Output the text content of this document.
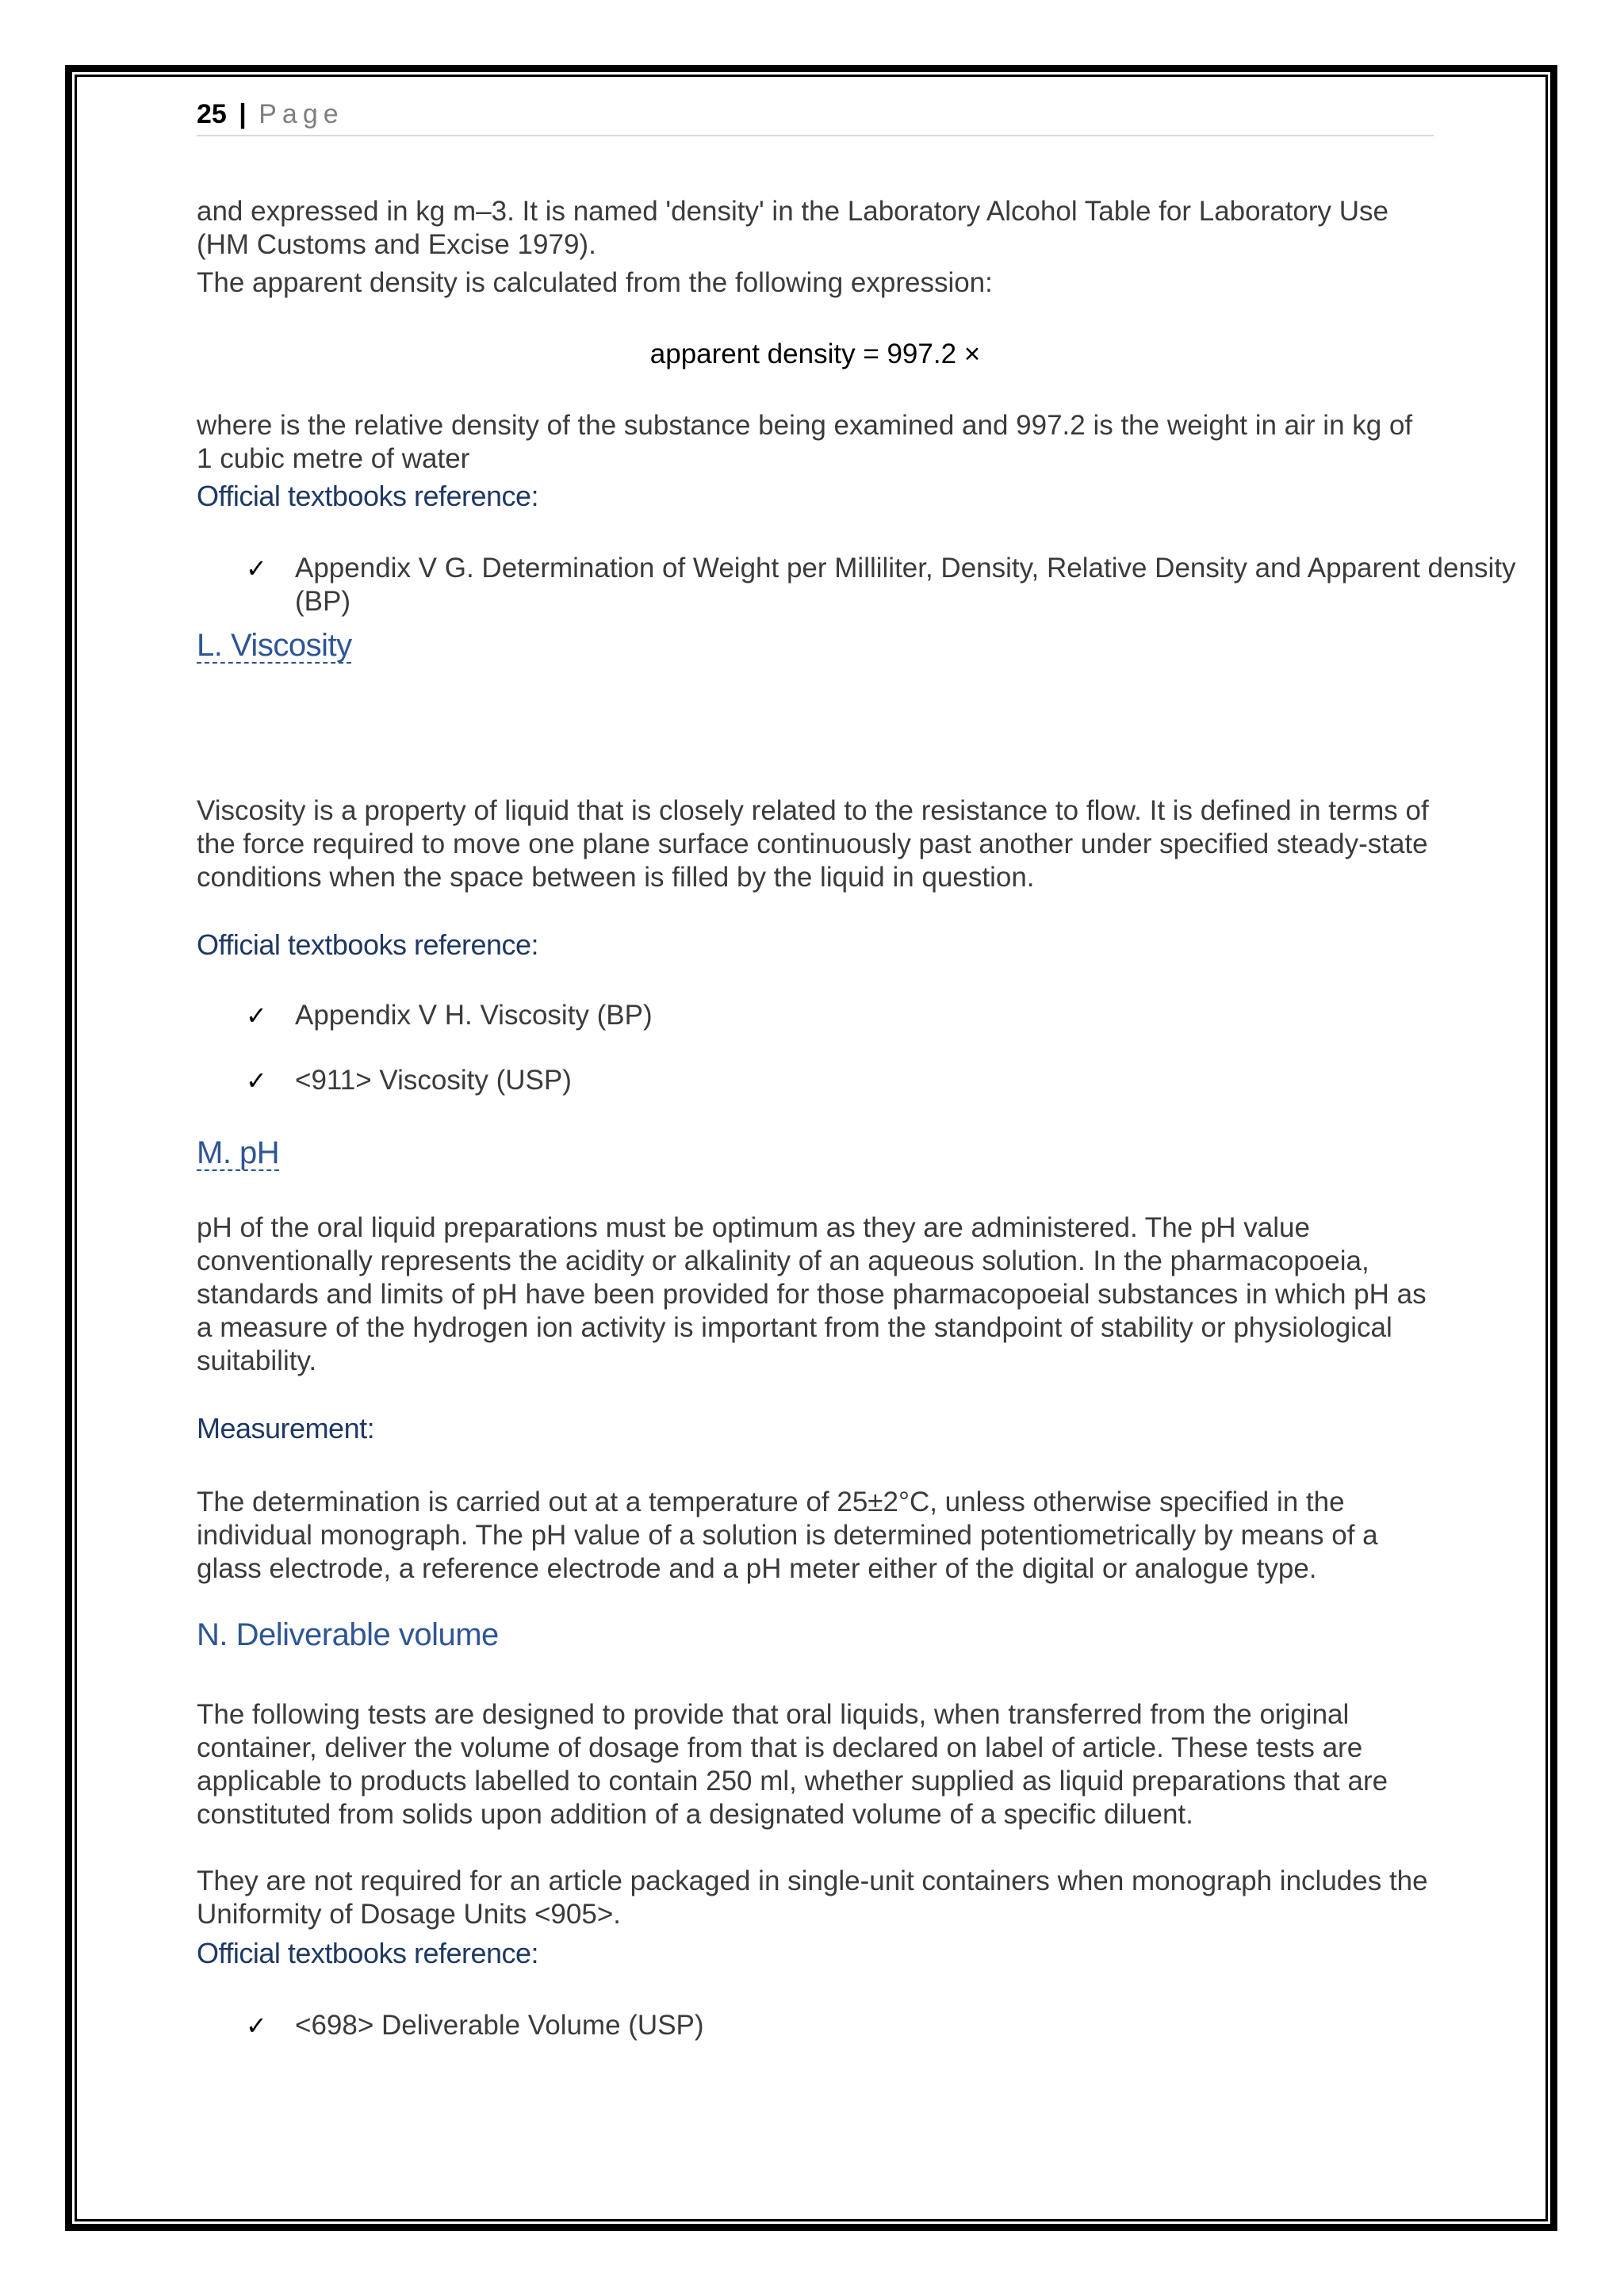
25 | Page

and expressed in kg m–3. It is named 'density' in the Laboratory Alcohol Table for Laboratory Use (HM Customs and Excise 1979).

The apparent density is calculated from the following expression:

apparent density = 997.2 ×

where is the relative density of the substance being examined and 997.2 is the weight in air in kg of 1 cubic metre of water

Official textbooks reference:
✓ Appendix V G. Determination of Weight per Milliliter, Density, Relative Density and Apparent density (BP)
L. Viscosity

Viscosity is a property of liquid that is closely related to the resistance to flow. It is defined in terms of the force required to move one plane surface continuously past another under specified steady-state conditions when the space between is filled by the liquid in question.

Official textbooks reference:
✓ Appendix V H. Viscosity (BP)
✓ <911> Viscosity (USP)
M. pH

pH of the oral liquid preparations must be optimum as they are administered. The pH value conventionally represents the acidity or alkalinity of an aqueous solution. In the pharmacopoeia, standards and limits of pH have been provided for those pharmacopoeial substances in which pH as a measure of the hydrogen ion activity is important from the standpoint of stability or physiological suitability.

Measurement:

The determination is carried out at a temperature of 25±2°C, unless otherwise specified in the individual monograph. The pH value of a solution is determined potentiometrically by means of a glass electrode, a reference electrode and a pH meter either of the digital or analogue type.

N. Deliverable volume

The following tests are designed to provide that oral liquids, when transferred from the original container, deliver the volume of dosage from that is declared on label of article. These tests are applicable to products labelled to contain 250 ml, whether supplied as liquid preparations that are constituted from solids upon addition of a designated volume of a specific diluent.

They are not required for an article packaged in single-unit containers when monograph includes the Uniformity of Dosage Units <905>.

Official textbooks reference:
✓ <698> Deliverable Volume (USP)
